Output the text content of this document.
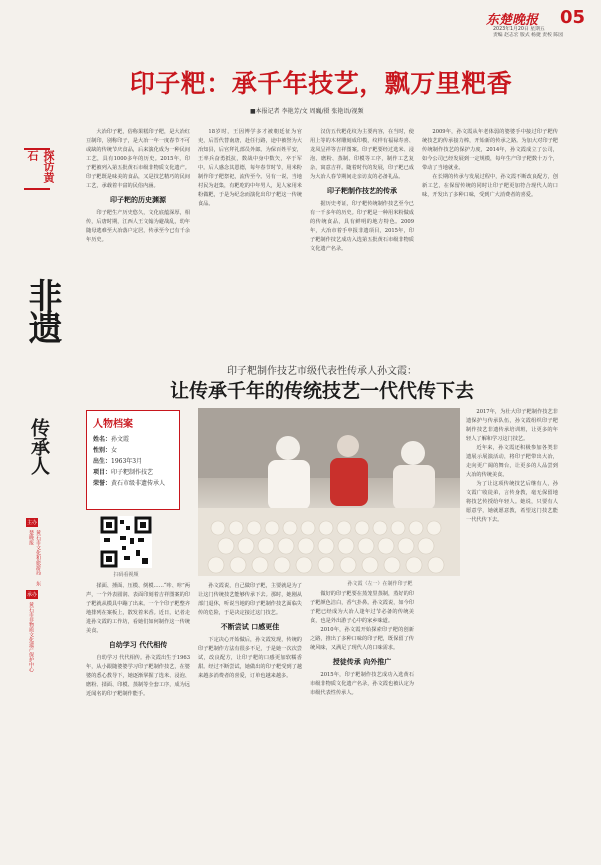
东楚晚报 05
2023年1月20日 星期五
责编 赵志宏 版式 杨捷 责校 陈园
印子粑：承千年技艺，飘万里粑香
■本报记者 李艳芳/文 周巍/摄 张艳语/视频
探访黄石
非遗
传承人
主办
黄石市文化和旅游局 东楚晚报
承办
黄石市非物质文化遗产保护中心

大冶印子粑，俗称果糕印子粑，是大冶红豆制印，别称印子，是大冶一年一度春节不可或缺的传统节庆食品，后来演化成为一种民间工艺，具有1000多年的历史。2015年，印子粑被列入第五批黄石市级非物质文化遗产。印子粑既是味美的食品，又是技艺精巧的民间工艺，承载着丰富的民俗内涵。

印子粑的历史渊源

印子粑生产历史悠久，文化底蕴深厚，相传，后唐时期，江西人王文翰为避战乱，幼年随母逃难至大冶落户定居，传承至今已有千余年历史。

18岁时，王因博学多才被朝廷征为官吏，后晋代替南唐，赴任行路，途中被誉为大冶知县，后官拜礼部员外郎。为保百姓平安，王率兵奋勇抵抗，数战中身中数矢，卒于军中。后人感念其恩德，每年春节时节，用米粉制作印子粑祭祀，流传至今。另有一说，当地村民为赶集，有粑吃的中年男人，见人家用米粉做粑，于是为纪念而演化出印子粑这一传统食品。

汉仿五代粑花纹为主要内容，在当时，使用上等的木材雕刻成印模，纹样有福禄寿喜、龙凤呈祥等吉祥图案。印子粑要经过选米、浸泡、磨粉、蒸制、印模等工序，制作工艺复杂，寓意吉祥。随着时代的发展，印子粑已成为大冶人春节期间走亲访友的必备礼品。

印子粑制作技艺的传承

据历史考证，印子粑传统制作技艺至今已有一千多年的历史。印子粑是一种用米粉做成的传统食品，具有鲜明的地方特色。2009年，大冶市着手申报非遗项目，2015年，印子粑制作技艺成功入选第五批黄石市级非物质文化遗产名录。

2009年，孙文霞从年老体弱的婆婆手中接过印子粑传统技艺的传承接力棒，开始新的传承之路。为加大对印子粑传统制作技艺的保护力度，2014年，孙文霞成立了公司，如今公司已经发展到一定规模，每年生产印子粑数十万个，带动了当地就业。

在长期的传承与发展过程中，孙文霞不断改良配方，创新工艺，在保留传统的同时让印子粑更加符合现代人的口味，开发出了多种口味，受到广大消费者的喜爱。

印子粑制作技艺市级代表性传承人孙文霞：
让传承千年的传统技艺一代代传下去
人物档案
姓名：孙文霞
性别：女
出生：1963年3月
项目：印子粑制作技艺
荣誉：黄石市级非遗传承人
扫码看视频
孙文霞（左一）在制作印子粑

揉面、捶面、压模、倒模……“咔、咔”两声，一个外表圆润、表面印刻着吉祥图案的印子粑就从模具中蹦了出来。一个个印子粑整齐地排列在案板上，散发着米香。近日，记者走进孙文霞的工作坊，看她们如何制作这一传统美食。

自幼学习 代代相传

自幼学习 代代相传。孙文霞出生于1963年，从小跟随婆婆学习印子粑制作技艺，在婆婆的悉心教导下，她逐渐掌握了选米、浸泡、磨粉、揉面、印模、蒸制等全套工序，成为远近闻名的印子粑制作能手。

孙文霞说，自己做印子粑，主要就是为了让这门传统技艺能够传承下去。那时，她刚从部门退休，听说当地的印子粑制作技艺面临失传的危险，于是决定接过这门技艺。

不断尝试 口感更佳

下定决心开始做后，孙文霞发现，传统的印子粑制作方法有很多不足，于是她一次次尝试，改良配方，让印子粑的口感更加软糯香甜。经过不断尝试，她做出的印子粑受到了越来越多消费者的喜爱，订单也越来越多。

做好的印子粑要在蒸笼里蒸制，蒸好的印子粑颜色洁白，香气扑鼻。孙文霞说，如今印子粑已经成为大冶人逢年过节必备的传统美食，也是外出游子心中的家乡味道。

2010年，孙文霞开始探索印子粑的创新之路，推出了多种口味的印子粑，既保留了传统风味，又满足了现代人的口味需求。

授徒传承 向外推广

2015年，印子粑制作技艺成功入选黄石市级非物质文化遗产名录，孙文霞也被认定为市级代表性传承人。

2017年，为壮大印子粑制作技艺非遗保护与传承队伍，孙文霞组织印子粑制作技艺非遗传承培训班，让更多的年轻人了解和学习这门技艺。

近年来，孙文霞还积极参加各类非遗展示展演活动，将印子粑带出大冶，走向更广阔的舞台，让更多的人品尝到大冶的传统美食。

为了让这项传统技艺后继有人，孙文霞广收徒弟，言传身教，毫无保留地将技艺传授给年轻人。她说，只要有人愿意学，她就愿意教，希望这门技艺能一代代传下去。
